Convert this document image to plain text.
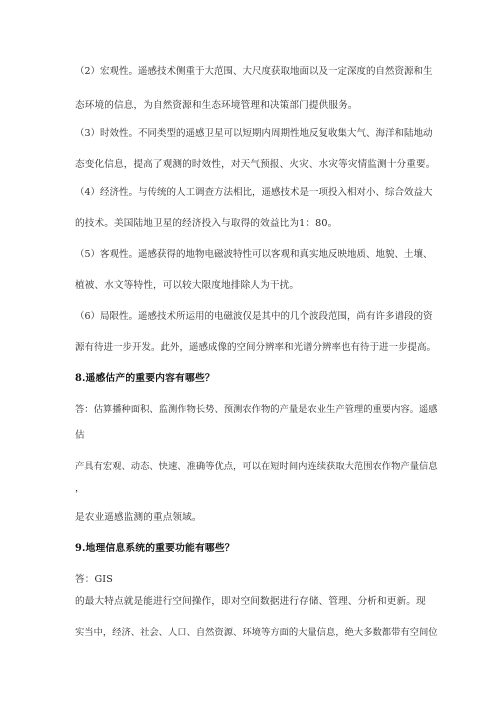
（2）宏观性。遥感技术侧重于大范围、大尺度获取地面以及一定深度的自然资源和生
态环境的信息，为自然资源和生态环境管理和决策部门提供服务。
（3）时效性。不同类型的遥感卫星可以短期内周期性地反复收集大气、海洋和陆地动
态变化信息，提高了观测的时效性，对天气预报、火灾、水灾等灾情监测十分重要。
（4）经济性。与传统的人工调查方法相比，遥感技术是一项投入相对小、综合效益大
的技术。美国陆地卫星的经济投入与取得的效益比为1：80。
（5）客观性。遥感获得的地物电磁波特性可以客观和真实地反映地质、地貌、土壤、
植被、水文等特性，可以较大限度地排除人为干扰。
（6）局限性。遥感技术所运用的电磁波仅是其中的几个波段范围，尚有许多谱段的资
源有待进一步开发。此外，遥感成像的空间分辨率和光谱分辨率也有待于进一步提高。
8.遥感估产的重要内容有哪些？
答：估算播种面积、监测作物长势、预测农作物的产量是农业生产管理的重要内容。遥感
估
产具有宏观、动态、快速、准确等优点，可以在短时间内连续获取大范围农作物产量信息
，
是农业遥感监测的重点领域。
9.地理信息系统的重要功能有哪些？
答：GIS
的最大特点就是能进行空间操作，即对空间数据进行存储、管理、分析和更新。现
实当中，经济、社会、人口、自然资源、环境等方面的大量信息，绝大多数都带有空间位
